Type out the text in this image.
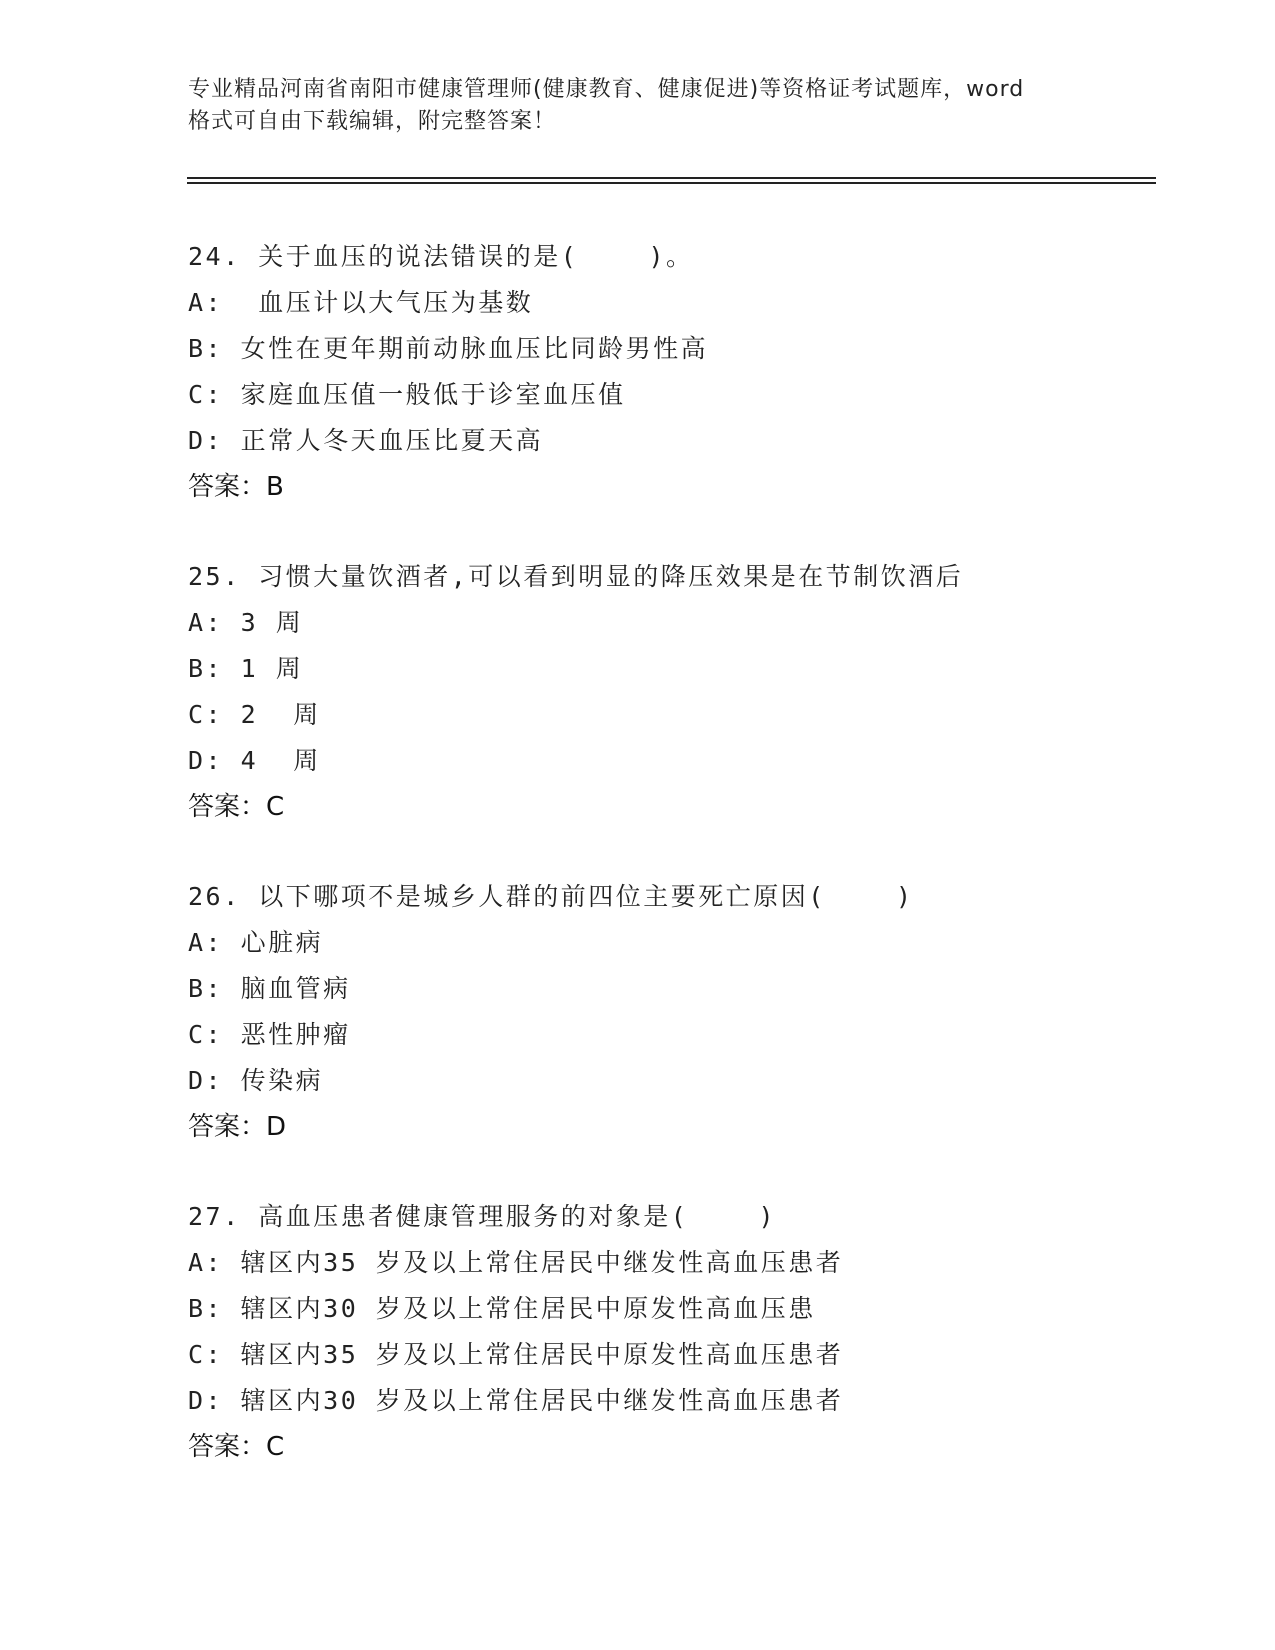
专业精品河南省南阳市健康管理师(健康教育、健康促进)等资格证考试题库，word
格式可自由下载编辑，附完整答案！
24. 关于血压的说法错误的是(    )。
A:  血压计以大气压为基数
B: 女性在更年期前动脉血压比同龄男性高
C: 家庭血压值一般低于诊室血压值
D: 正常人冬天血压比夏天高
答案：B
25. 习惯大量饮酒者,可以看到明显的降压效果是在节制饮酒后
A: 3 周
B: 1 周
C: 2  周
D: 4  周
答案：C
26. 以下哪项不是城乡人群的前四位主要死亡原因(    )
A: 心脏病
B: 脑血管病
C: 恶性肿瘤
D: 传染病
答案：D
27. 高血压患者健康管理服务的对象是(    )
A: 辖区内35 岁及以上常住居民中继发性高血压患者
B: 辖区内30 岁及以上常住居民中原发性高血压患
C: 辖区内35 岁及以上常住居民中原发性高血压患者
D: 辖区内30 岁及以上常住居民中继发性高血压患者
答案：C
